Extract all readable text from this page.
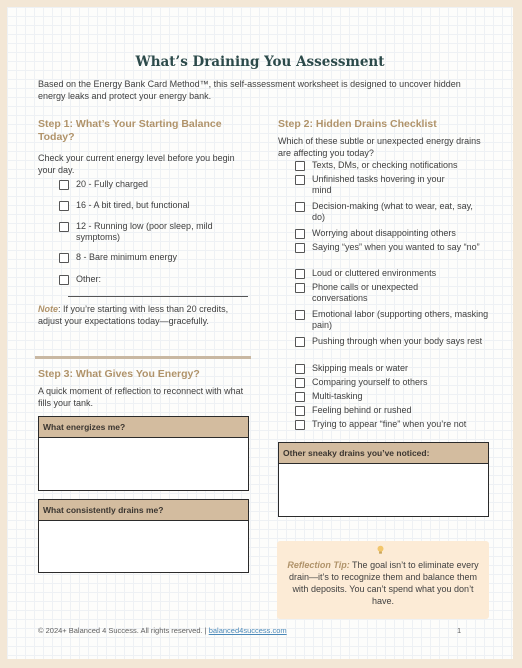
What’s Draining You Assessment
Based on the Energy Bank Card Method™, this self-assessment worksheet is designed to uncover hidden energy leaks and protect your energy bank.
Step 1: What’s Your Starting Balance Today?
Check your current energy level before you begin your day.
20 - Fully charged
16 - A bit tired, but functional
12 - Running low (poor sleep, mild symptoms)
8 - Bare minimum energy
Other:
Note: If you’re starting with less than 20 credits, adjust your expectations today—gracefully.
Step 3: What Gives You Energy?
A quick moment of reflection to reconnect with what fills your tank.
What energizes me?
What consistently drains me?
Step 2: Hidden Drains Checklist
Which of these subtle or unexpected energy drains are affecting you today?
Texts, DMs, or checking notifications
Unfinished tasks hovering in your mind
Decision-making (what to wear, eat, say, do)
Worrying about disappointing others
Saying “yes” when you wanted to say “no”
Loud or cluttered environments
Phone calls or unexpected conversations
Emotional labor (supporting others, masking pain)
Pushing through when your body says rest
Skipping meals or water
Comparing yourself to others
Multi-tasking
Feeling behind or rushed
Trying to appear “fine” when you’re not
Other sneaky drains you’ve noticed:
Reflection Tip: The goal isn’t to eliminate every drain—it’s to recognize them and balance them with deposits. You can’t spend what you don’t have.
© 2024+ Balanced 4 Success. All rights reserved. | balanced4success.com	1
